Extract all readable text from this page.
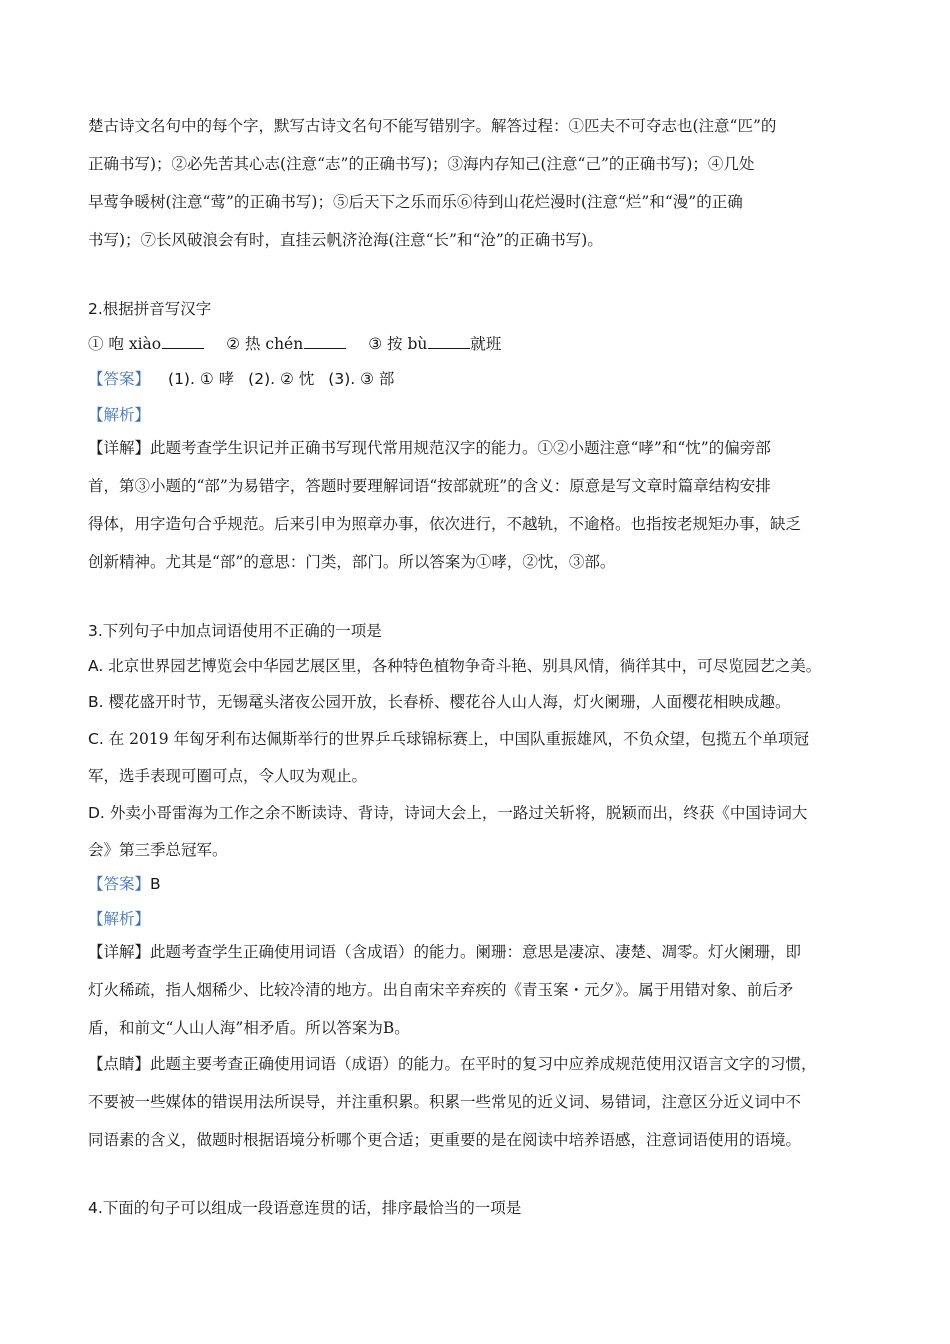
楚古诗文名句中的每个字，默写古诗文名句不能写错别字。解答过程：①匹夫不可夺志也(注意“匹”的
正确书写)；②必先苦其心志(注意“志”的正确书写)；③海内存知己(注意“己”的正确书写)；④几处
早莺争暖树(注意“莺”的正确书写)；⑤后天下之乐而乐⑥待到山花烂漫时(注意“烂”和“漫”的正确
书写)；⑦长风破浪会有时，直挂云帆济沧海(注意“长”和“沧”的正确书写)。
2.根据拼音写汉字
① 咆 xiào	② 热 chén	③ 按 bù	就班
【答案】 (1). ① 哮 (2). ② 忱 (3). ③ 部
【解析】
【详解】此题考查学生识记并正确书写现代常用规范汉字的能力。①②小题注意“哮”和“忱”的偏旁部
首，第③小题的“部”为易错字，答题时要理解词语“按部就班”的含义：原意是写文章时篇章结构安排
得体，用字造句合乎规范。后来引申为照章办事，依次进行，不越轨，不逾格。也指按老规矩办事，缺乏
创新精神。尤其是“部”的意思：门类，部门。所以答案为①哮，②忱，③部。
3.下列句子中加点词语使用不正确的一项是
A. 北京世界园艺博览会中华园艺展区里，各种特色植物争奇斗艳、别具风情，徜徉其中，可尽览园艺之美。
B. 樱花盛开时节，无锡鼋头渚夜公园开放，长春桥、樱花谷人山人海，灯火阑珊，人面樱花相映成趣。
C. 在 2019 年匈牙利布达佩斯举行的世界乒乓球锦标赛上，中国队重振雄风，不负众望，包揽五个单项冠
军，选手表现可圈可点，令人叹为观止。
D. 外卖小哥雷海为工作之余不断读诗、背诗，诗词大会上，一路过关斩将，脱颖而出，终获《中国诗词大
会》第三季总冠军。
【答案】B
【解析】
【详解】此题考查学生正确使用词语（含成语）的能力。阑珊：意思是凄凉、凄楚、凋零。灯火阑珊，即
灯火稀疏，指人烟稀少、比较冷清的地方。出自南宋辛弃疾的《青玉案・元夕》。属于用错对象、前后矛
盾，和前文“人山人海”相矛盾。所以答案为B。
【点睛】此题主要考查正确使用词语（成语）的能力。在平时的复习中应养成规范使用汉语言文字的习惯，
不要被一些媒体的错误用法所误导，并注重积累。积累一些常见的近义词、易错词，注意区分近义词中不
同语素的含义，做题时根据语境分析哪个更合适；更重要的是在阅读中培养语感，注意词语使用的语境。
4.下面的句子可以组成一段语意连贯的话，排序最恰当的一项是
